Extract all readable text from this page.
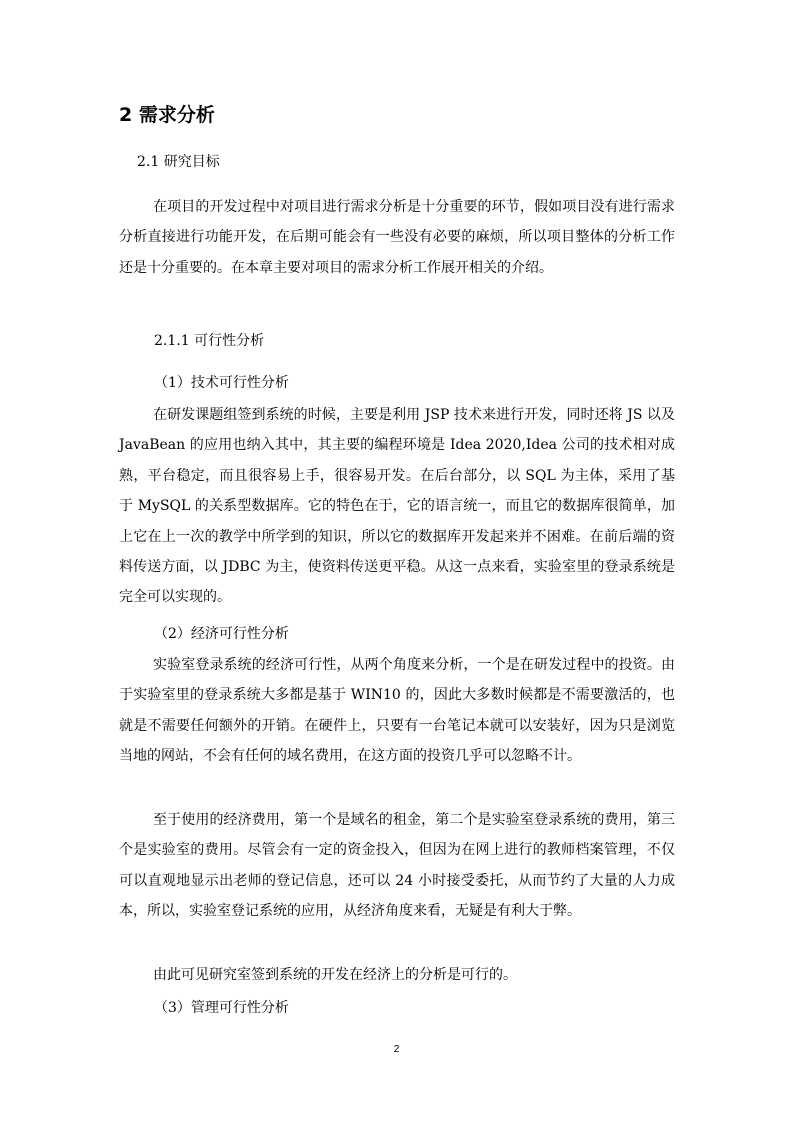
2 需求分析
2.1 研究目标
在项目的开发过程中对项目进行需求分析是十分重要的环节，假如项目没有进行需求分析直接进行功能开发，在后期可能会有一些没有必要的麻烦，所以项目整体的分析工作还是十分重要的。在本章主要对项目的需求分析工作展开相关的介绍。
2.1.1 可行性分析
（1）技术可行性分析
在研发课题组签到系统的时候，主要是利用 JSP 技术来进行开发，同时还将 JS 以及 JavaBean 的应用也纳入其中，其主要的编程环境是 Idea 2020,Idea 公司的技术相对成熟，平台稳定，而且很容易上手，很容易开发。在后台部分，以 SQL 为主体，采用了基于 MySQL 的关系型数据库。它的特色在于，它的语言统一，而且它的数据库很简单，加上它在上一次的教学中所学到的知识，所以它的数据库开发起来并不困难。在前后端的资料传送方面，以 JDBC 为主，使资料传送更平稳。从这一点来看，实验室里的登录系统是完全可以实现的。
（2）经济可行性分析
实验室登录系统的经济可行性，从两个角度来分析，一个是在研发过程中的投资。由于实验室里的登录系统大多都是基于 WIN10 的，因此大多数时候都是不需要激活的，也就是不需要任何额外的开销。在硬件上，只要有一台笔记本就可以安装好，因为只是浏览当地的网站，不会有任何的域名费用，在这方面的投资几乎可以忽略不计。
至于使用的经济费用，第一个是域名的租金，第二个是实验室登录系统的费用，第三个是实验室的费用。尽管会有一定的资金投入，但因为在网上进行的教师档案管理，不仅可以直观地显示出老师的登记信息，还可以 24 小时接受委托，从而节约了大量的人力成本，所以，实验室登记系统的应用，从经济角度来看，无疑是有利大于弊。
由此可见研究室签到系统的开发在经济上的分析是可行的。
（3）管理可行性分析
2
